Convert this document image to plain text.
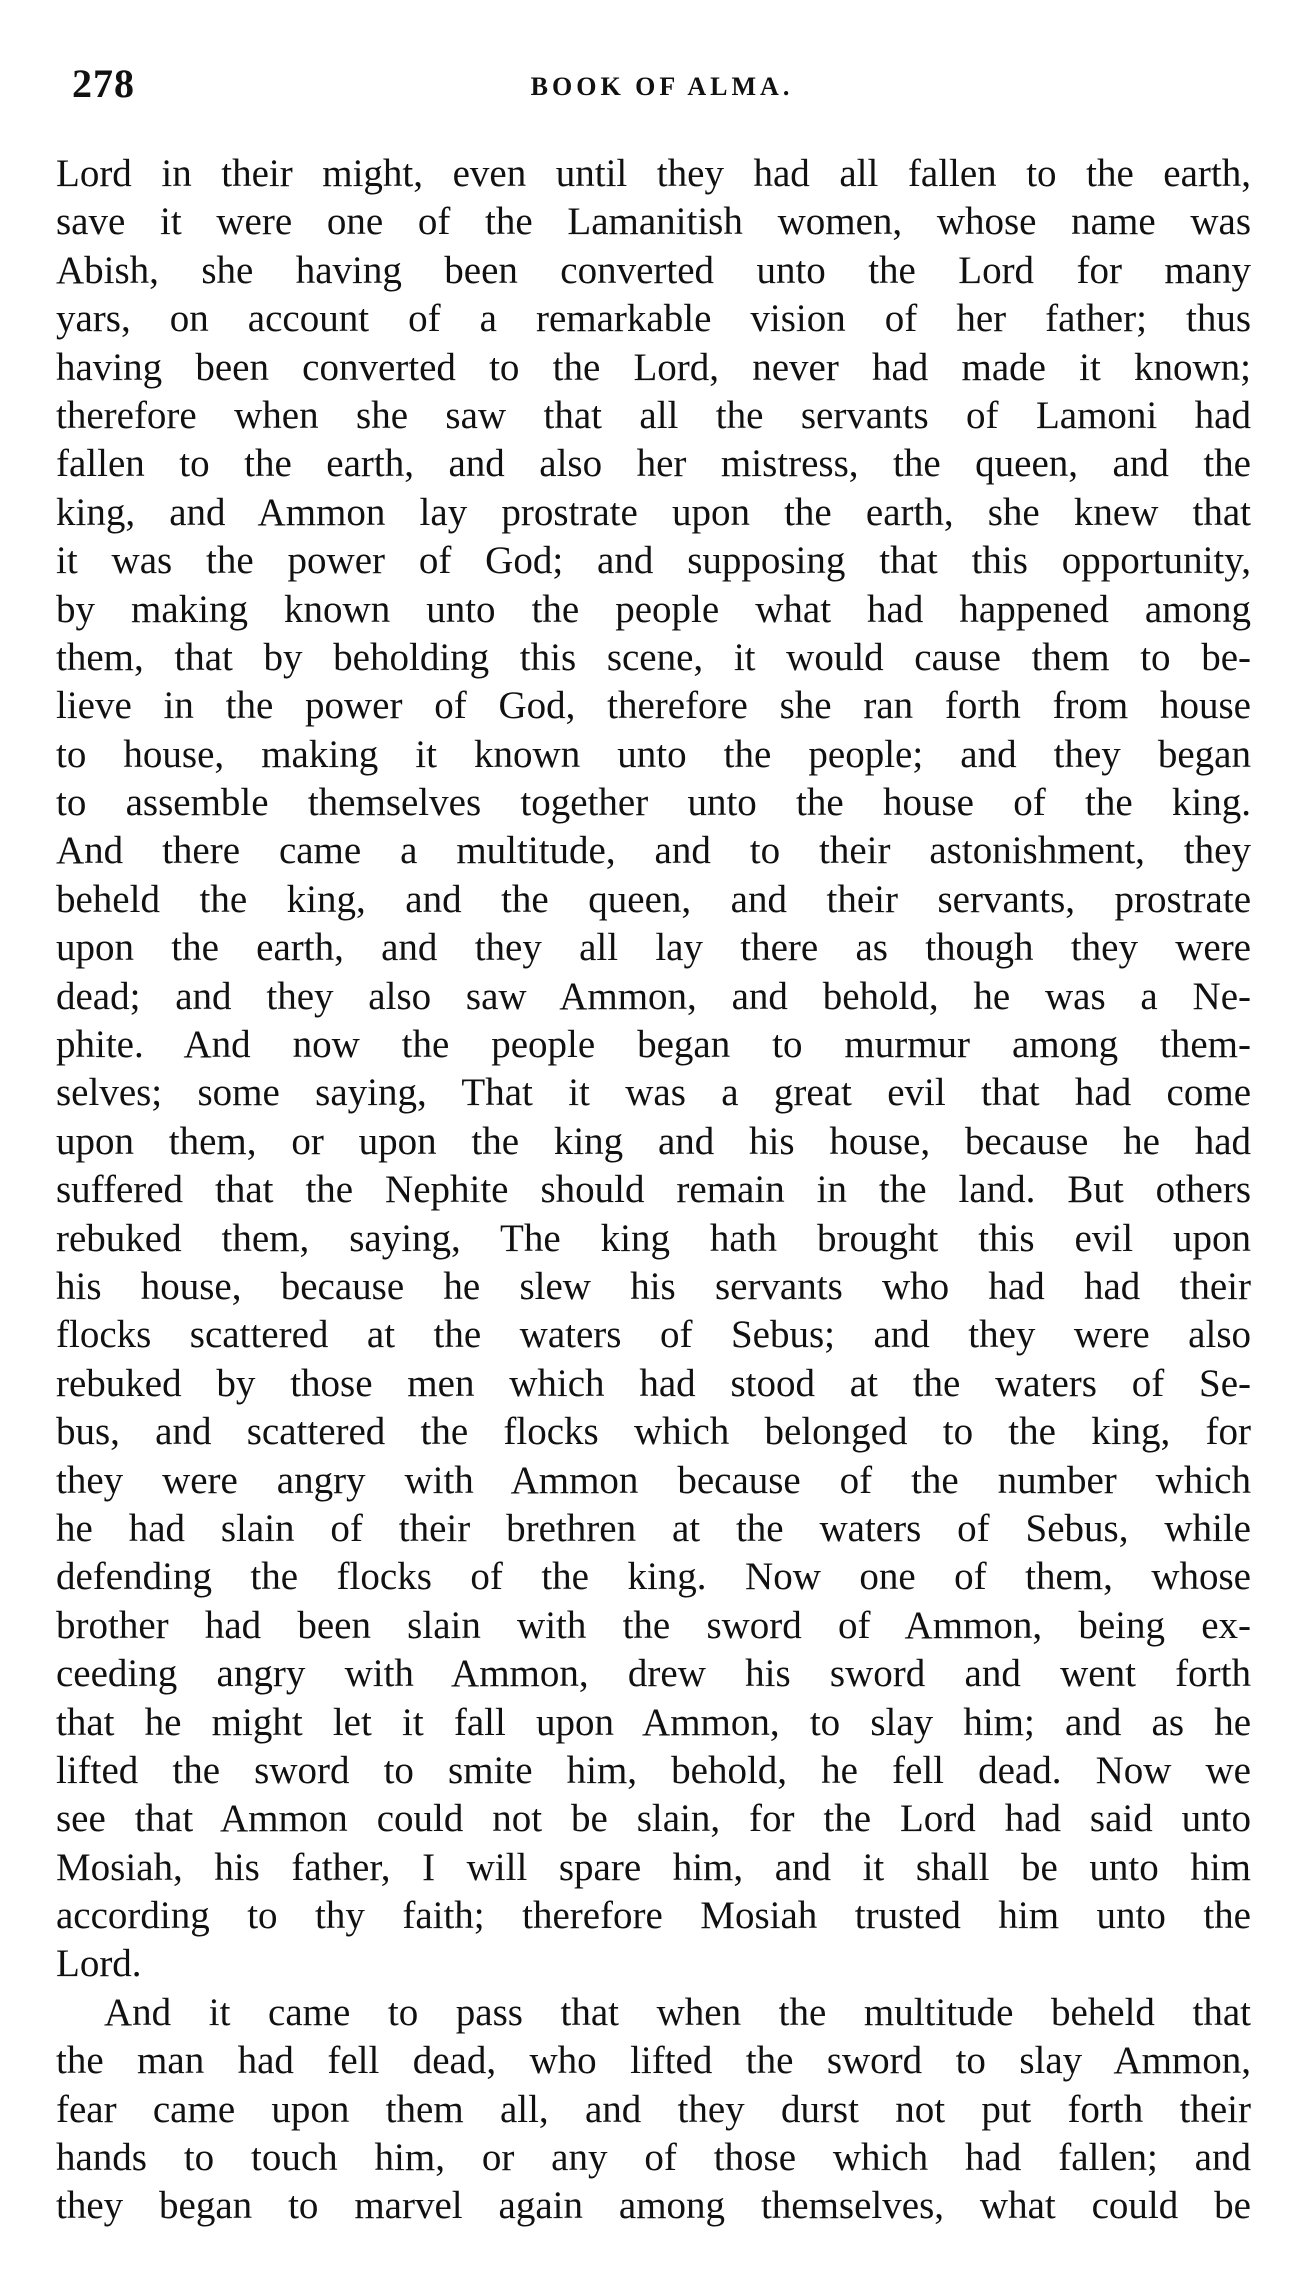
278	BOOK OF ALMA.
Lord in their might, even until they had all fallen to the earth,
save it were one of the Lamanitish women, whose name was
Abish, she having been converted unto the Lord for many
yars, on account of a remarkable vision of her father; thus
having been converted to the Lord, never had made it known;
therefore when she saw that all the servants of Lamoni had
fallen to the earth, and also her mistress, the queen, and the
king, and Ammon lay prostrate upon the earth, she knew that
it was the power of God; and supposing that this opportunity,
by making known unto the people what had happened among
them, that by beholding this scene, it would cause them to be-
lieve in the power of God, therefore she ran forth from house
to house, making it known unto the people; and they began
to assemble themselves together unto the house of the king.
And there came a multitude, and to their astonishment, they
beheld the king, and the queen, and their servants, prostrate
upon the earth, and they all lay there as though they were
dead; and they also saw Ammon, and behold, he was a Ne-
phite. And now the people began to murmur among them-
selves; some saying, That it was a great evil that had come
upon them, or upon the king and his house, because he had
suffered that the Nephite should remain in the land. But others
rebuked them, saying, The king hath brought this evil upon
his house, because he slew his servants who had had their
flocks scattered at the waters of Sebus; and they were also
rebuked by those men which had stood at the waters of Se-
bus, and scattered the flocks which belonged to the king, for
they were angry with Ammon because of the number which
he had slain of their brethren at the waters of Sebus, while
defending the flocks of the king. Now one of them, whose
brother had been slain with the sword of Ammon, being ex-
ceeding angry with Ammon, drew his sword and went forth
that he might let it fall upon Ammon, to slay him; and as he
lifted the sword to smite him, behold, he fell dead. Now we
see that Ammon could not be slain, for the Lord had said unto
Mosiah, his father, I will spare him, and it shall be unto him
according to thy faith; therefore Mosiah trusted him unto the
Lord.
And it came to pass that when the multitude beheld that
the man had fell dead, who lifted the sword to slay Ammon,
fear came upon them all, and they durst not put forth their
hands to touch him, or any of those which had fallen; and
they began to marvel again among themselves, what could be
